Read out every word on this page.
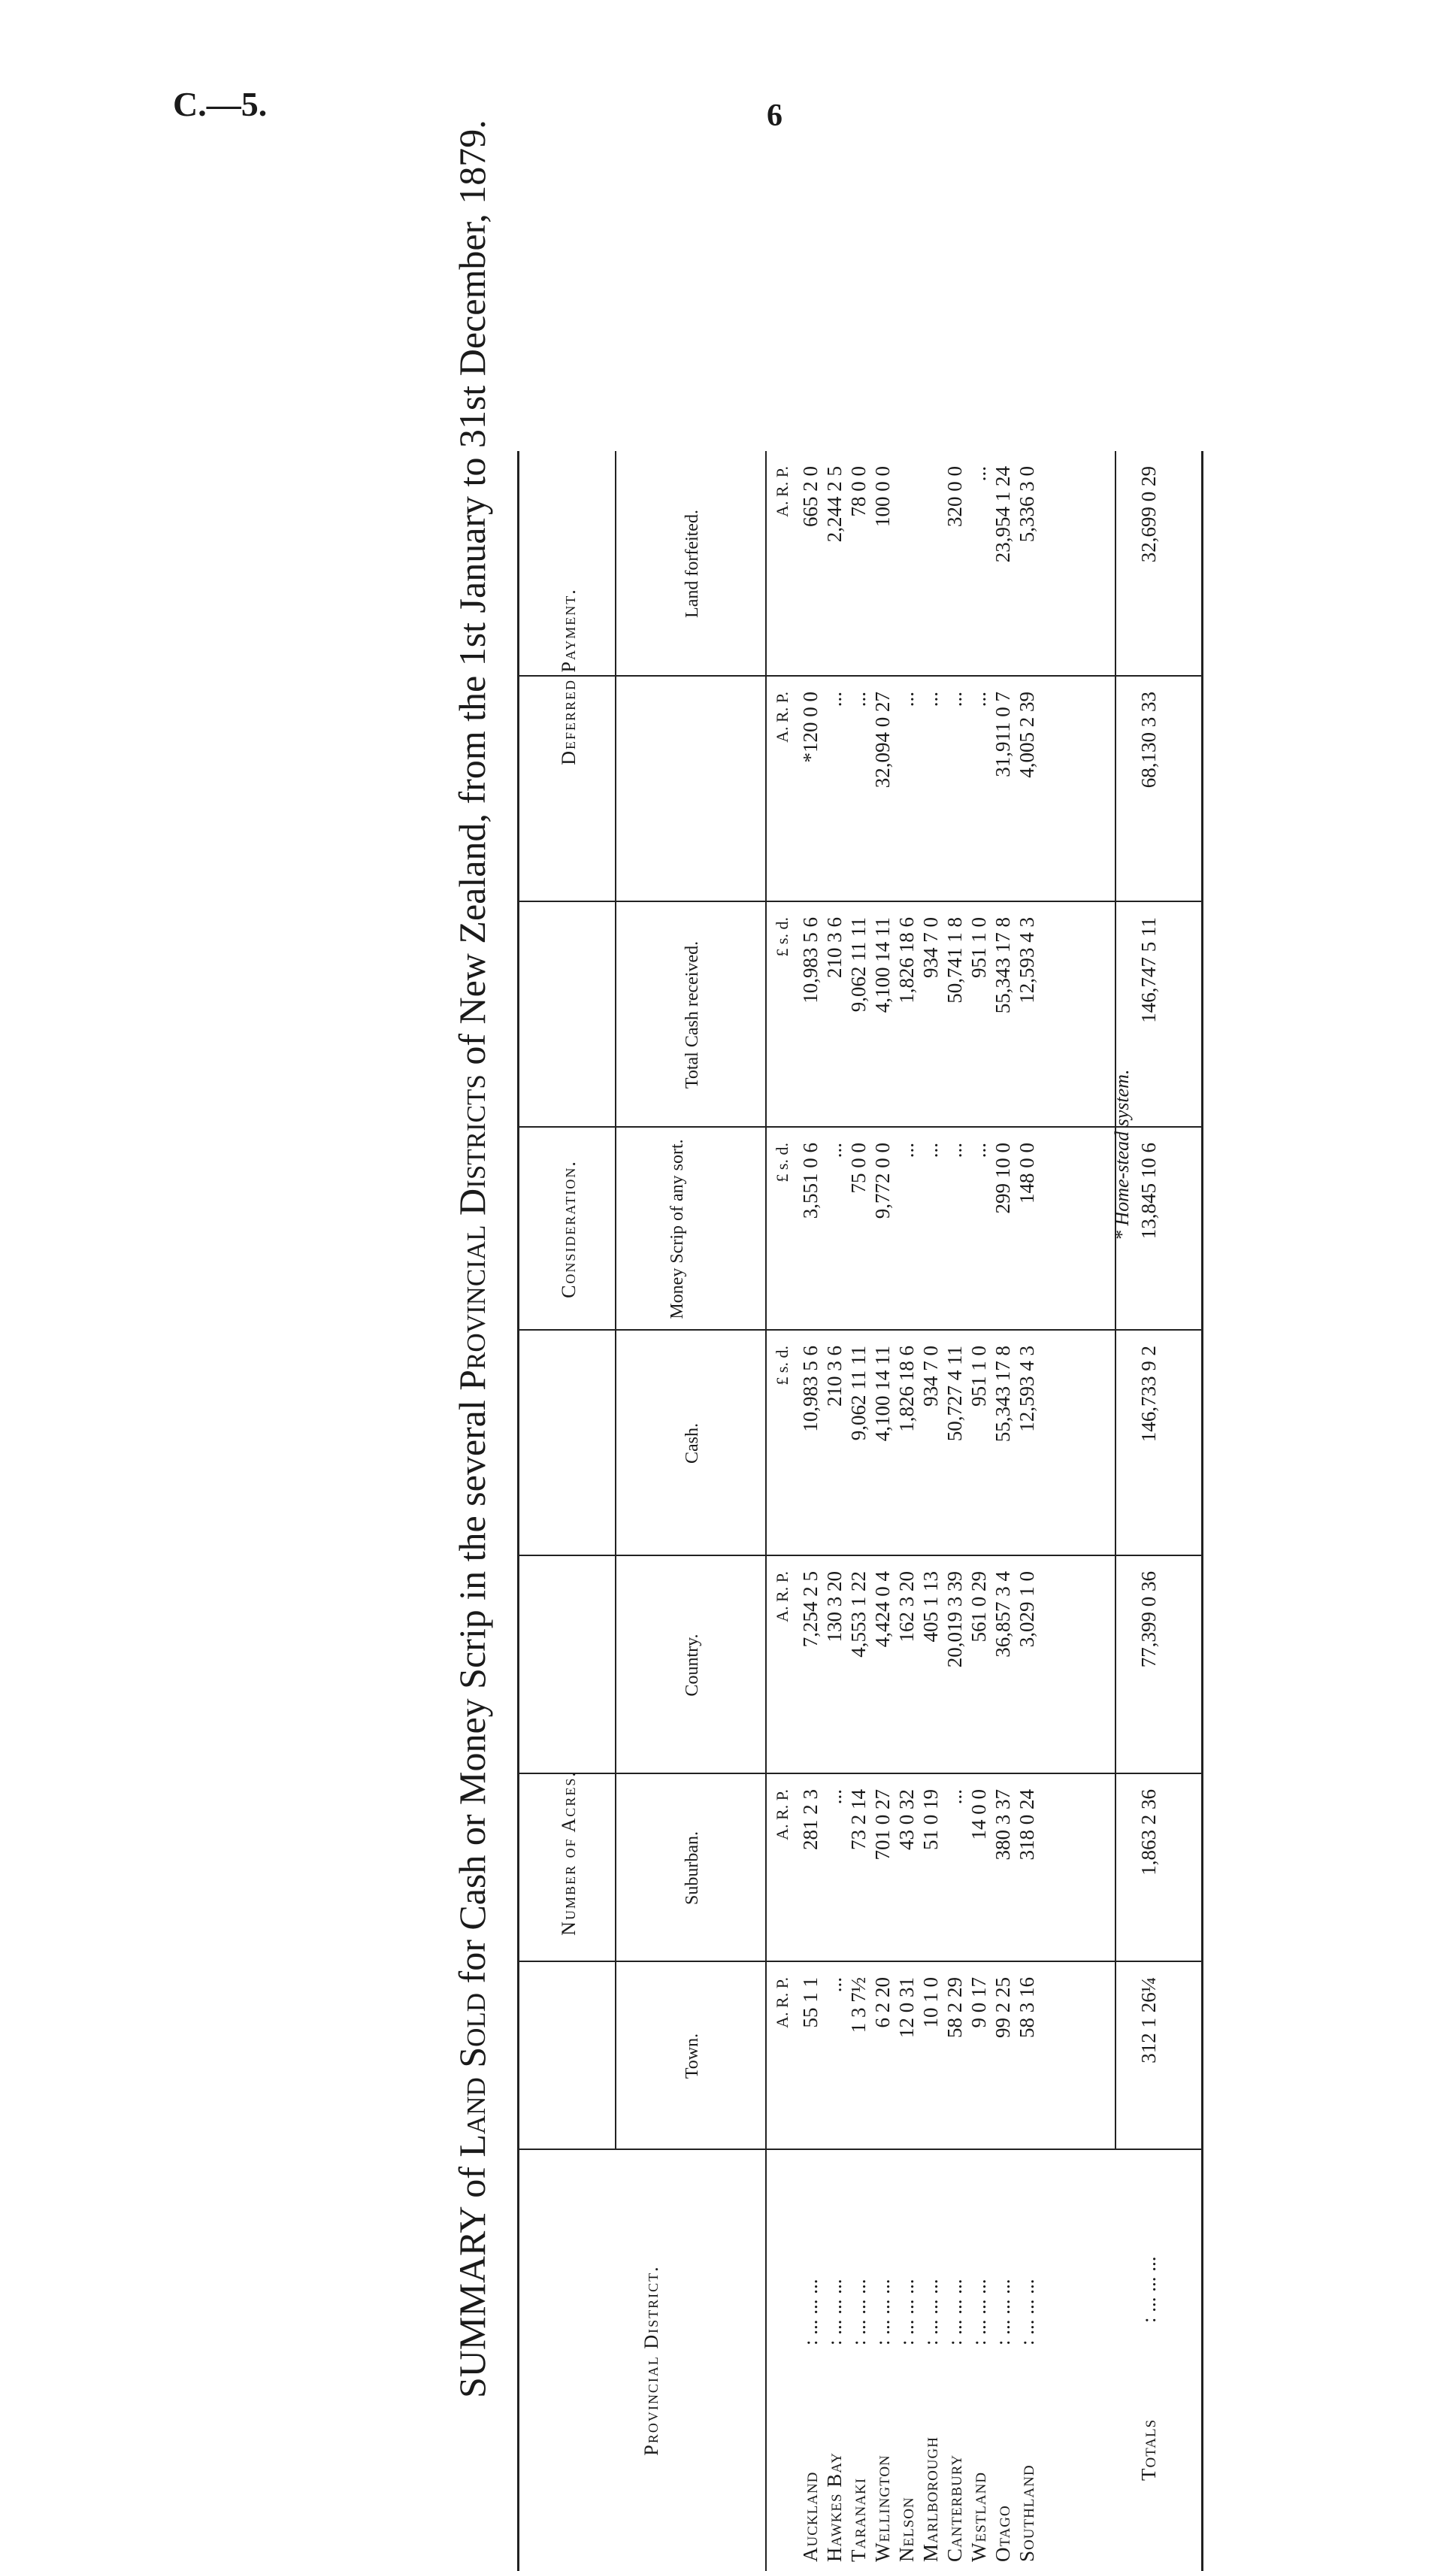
C.—5.	6
SUMMARY of Land Sold for Cash or Money Scrip in the several Provincial Districts of New Zealand, from the 1st January to 31st December, 1879.
Provincial District.
Number of Acres.
Consideration.
Deferred Payment.
Town.
Suburban.
Country.
Cash.
Money Scrip of any sort.
Total Cash received.
Land forfeited.
A. R. P.
A. R. P.
A. R. P.
£ s. d.
£ s. d.
£ s. d.
A. R. P.
A. R. P.
Auckland
: ... ... ...
55 1 1
281 2 3
7,254 2 5
10,983 5 6
3,551 0 6
10,983 5 6
*120 0 0
665 2 0
Hawkes Bay
: ... ... ...
...
...
130 3 20
210 3 6
...
210 3 6
...
2,244 2 5
Taranaki
: ... ... ...
1 3 7½
73 2 14
4,553 1 22
9,062 11 11
75 0 0
9,062 11 11
...
78 0 0
Wellington
: ... ... ...
6 2 20
701 0 27
4,424 0 4
4,100 14 11
9,772 0 0
4,100 14 11
32,094 0 27
100 0 0
Nelson
: ... ... ...
12 0 31
43 0 32
162 3 20
1,826 18 6
...
1,826 18 6
...
Marlborough
: ... ... ...
10 1 0
51 0 19
405 1 13
934 7 0
...
934 7 0
...
Canterbury
: ... ... ...
58 2 29
...
20,019 3 39
50,727 4 11
...
50,741 1 8
...
320 0 0
Westland
: ... ... ...
9 0 17
14 0 0
561 0 29
951 1 0
...
951 1 0
...
...
Otago
: ... ... ...
99 2 25
380 3 37
36,857 3 4
55,343 17 8
299 10 0
55,343 17 8
31,911 0 7
23,954 1 24
Southland
: ... ... ...
58 3 16
318 0 24
3,029 1 0
12,593 4 3
148 0 0
12,593 4 3
4,005 2 39
5,336 3 0
Totals
: ... ... ...
312 1 26¼
1,863 2 36
77,399 0 36
146,733 9 2
13,845 10 6
146,747 5 11
68,130 3 33
32,699 0 29
* Home-stead system.
